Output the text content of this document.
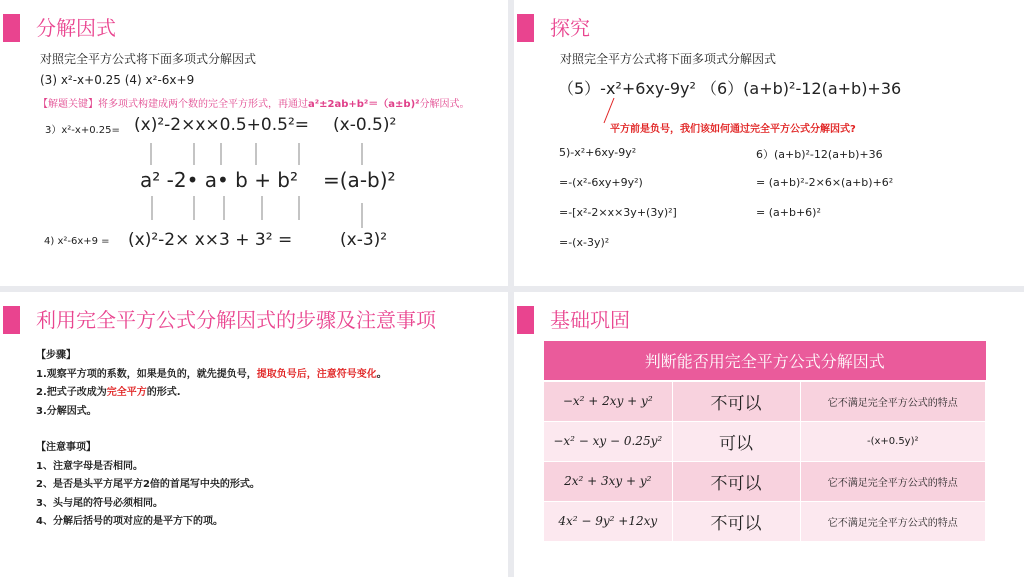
分解因式
对照完全平方公式将下面多项式分解因式
(3) x²-x+0.25 (4) x²-6x+9
【解题关键】将多项式构建成两个数的完全平方形式，再通过a²±2ab+b²＝（a±b)²分解因式。
3）x²-x+0.25= (x)²-2×x×0.5+0.5²= (x-0.5)²
a² -2• a• b + b² =(a-b)²
4) x²-6x+9 = (x)²-2× x×3 + 3² =	(x-3)²
探究
对照完全平方公式将下面多项式分解因式
（5）-x²+6xy-9y² （6）(a+b)²-12(a+b)+36
平方前是负号，我们该如何通过完全平方公式分解因式?
5)-x²+6xy-9y²
=-(x²-6xy+9y²)
=-[x²-2×x×3y+(3y)²]
=-(x-3y)²
6）(a+b)²-12(a+b)+36
= (a+b)²-2×6×(a+b)+6²
= (a+b+6)²
利用完全平方公式分解因式的步骤及注意事项
【步骤】
1.观察平方项的系数，如果是负的，就先提负号，提取负号后，注意符号变化。
2.把式子改成为完全平方的形式.
3.分解因式。
【注意事项】
1、注意字母是否相同。
2、是否是头平方尾平方2倍的首尾写中央的形式。
3、头与尾的符号必须相同。
4、分解后括号的项对应的是平方下的项。
基础巩固
判断能否用完全平方公式分解因式		
−x² + 2xy + y²	不可以	它不满足完全平方公式的特点
−x² − xy − 0.25y²	可以	-(x+0.5y)²
2x² + 3xy + y²	不可以	它不满足完全平方公式的特点
4x² − 9y² +12xy	不可以	它不满足完全平方公式的特点
